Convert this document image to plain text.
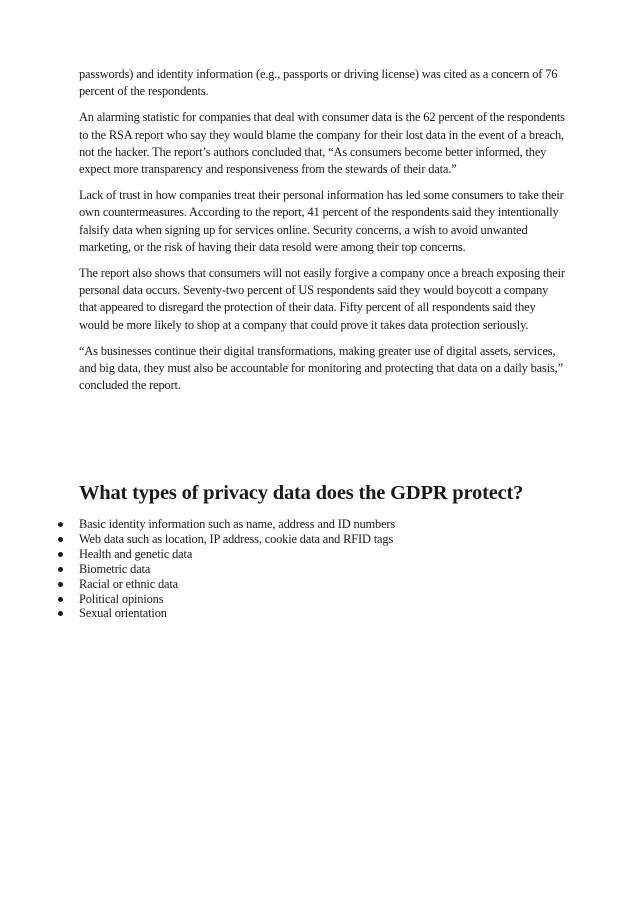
passwords) and identity information (e.g., passports or driving license) was cited as a concern of 76 percent of the respondents.

An alarming statistic for companies that deal with consumer data is the 62 percent of the respondents to the RSA report who say they would blame the company for their lost data in the event of a breach, not the hacker. The report’s authors concluded that, “As consumers become better informed, they expect more transparency and responsiveness from the stewards of their data.”

Lack of trust in how companies treat their personal information has led some consumers to take their own countermeasures. According to the report, 41 percent of the respondents said they intentionally falsify data when signing up for services online. Security concerns, a wish to avoid unwanted marketing, or the risk of having their data resold were among their top concerns.

The report also shows that consumers will not easily forgive a company once a breach exposing their personal data occurs. Seventy-two percent of US respondents said they would boycott a company that appeared to disregard the protection of their data. Fifty percent of all respondents said they would be more likely to shop at a company that could prove it takes data protection seriously.

“As businesses continue their digital transformations, making greater use of digital assets, services, and big data, they must also be accountable for monitoring and protecting that data on a daily basis,” concluded the report.

What types of privacy data does the GDPR protect?
Basic identity information such as name, address and ID numbers
Web data such as location, IP address, cookie data and RFID tags
Health and genetic data
Biometric data
Racial or ethnic data
Political opinions
Sexual orientation
